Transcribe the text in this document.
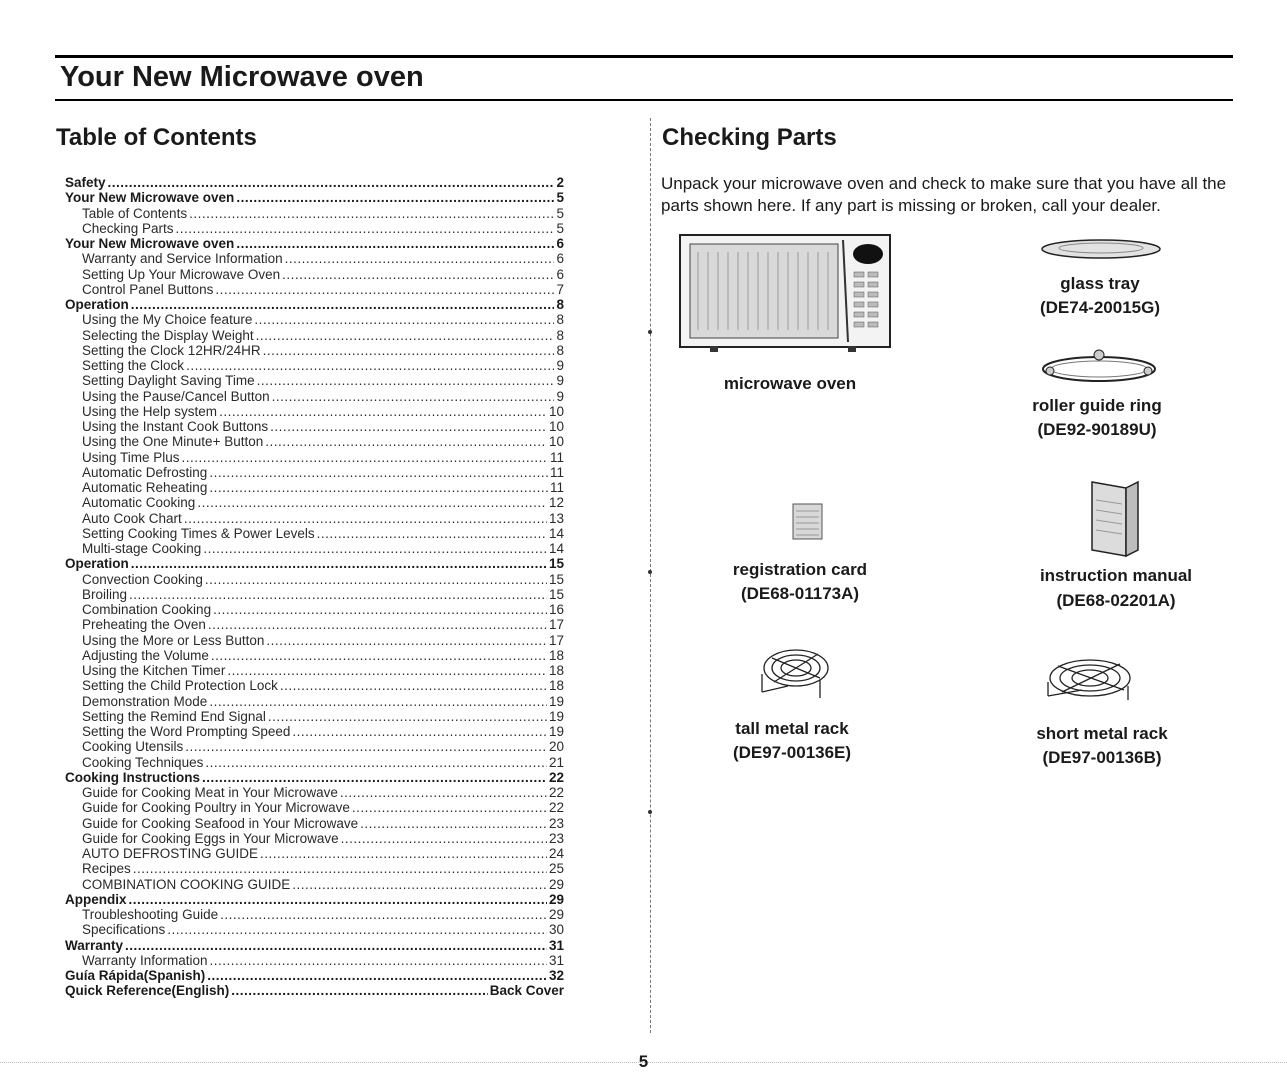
Your New Microwave oven
Table of Contents
Safety .....	2
Your New Microwave oven .....	5
Table of Contents .....	5
Checking Parts .....	5
Your New Microwave oven .....	6
Warranty and Service Information .....	6
Setting Up Your Microwave Oven .....	6
Control Panel Buttons .....	7
Operation .....	8
Using the My Choice feature .....	8
Selecting the Display Weight .....	8
Setting the Clock 12HR/24HR .....	8
Setting the Clock .....	9
Setting Daylight Saving Time .....	9
Using the Pause/Cancel Button .....	9
Using the Help system .....	10
Using the Instant Cook Buttons .....	10
Using the One Minute+ Button .....	10
Using Time Plus .....	11
Automatic Defrosting .....	11
Automatic Reheating .....	11
Automatic Cooking .....	12
Auto Cook Chart .....	13
Setting Cooking Times & Power Levels .....	14
Multi-stage Cooking .....	14
Operation .....	15
Convection Cooking .....	15
Broiling .....	15
Combination Cooking .....	16
Preheating the Oven .....	17
Using the More or Less Button .....	17
Adjusting the Volume .....	18
Using the Kitchen Timer .....	18
Setting the Child Protection Lock .....	18
Demonstration Mode .....	19
Setting the Remind End Signal .....	19
Setting the Word Prompting Speed .....	19
Cooking Utensils .....	20
Cooking Techniques .....	21
Cooking Instructions .....	22
Guide for Cooking Meat in Your Microwave .....	22
Guide for Cooking Poultry in Your Microwave .....	22
Guide for Cooking Seafood in Your Microwave .....	23
Guide for Cooking Eggs in Your Microwave .....	23
AUTO DEFROSTING GUIDE .....	24
Recipes .....	25
COMBINATION COOKING GUIDE .....	29
Appendix .....	29
Troubleshooting Guide .....	29
Specifications .....	30
Warranty .....	31
Warranty Information .....	31
Guía Rápida(Spanish) .....	32
Quick Reference(English) .....	Back Cover
Checking Parts

Unpack your microwave oven and check to make sure that you have all the parts shown here. If any part is missing or broken, call your dealer.

microwave oven
glass tray
(DE74-20015G)
roller guide ring
(DE92-90189U)
registration card
(DE68-01173A)
instruction manual
(DE68-02201A)
tall metal rack
(DE97-00136E)
short metal rack
(DE97-00136B)
5
